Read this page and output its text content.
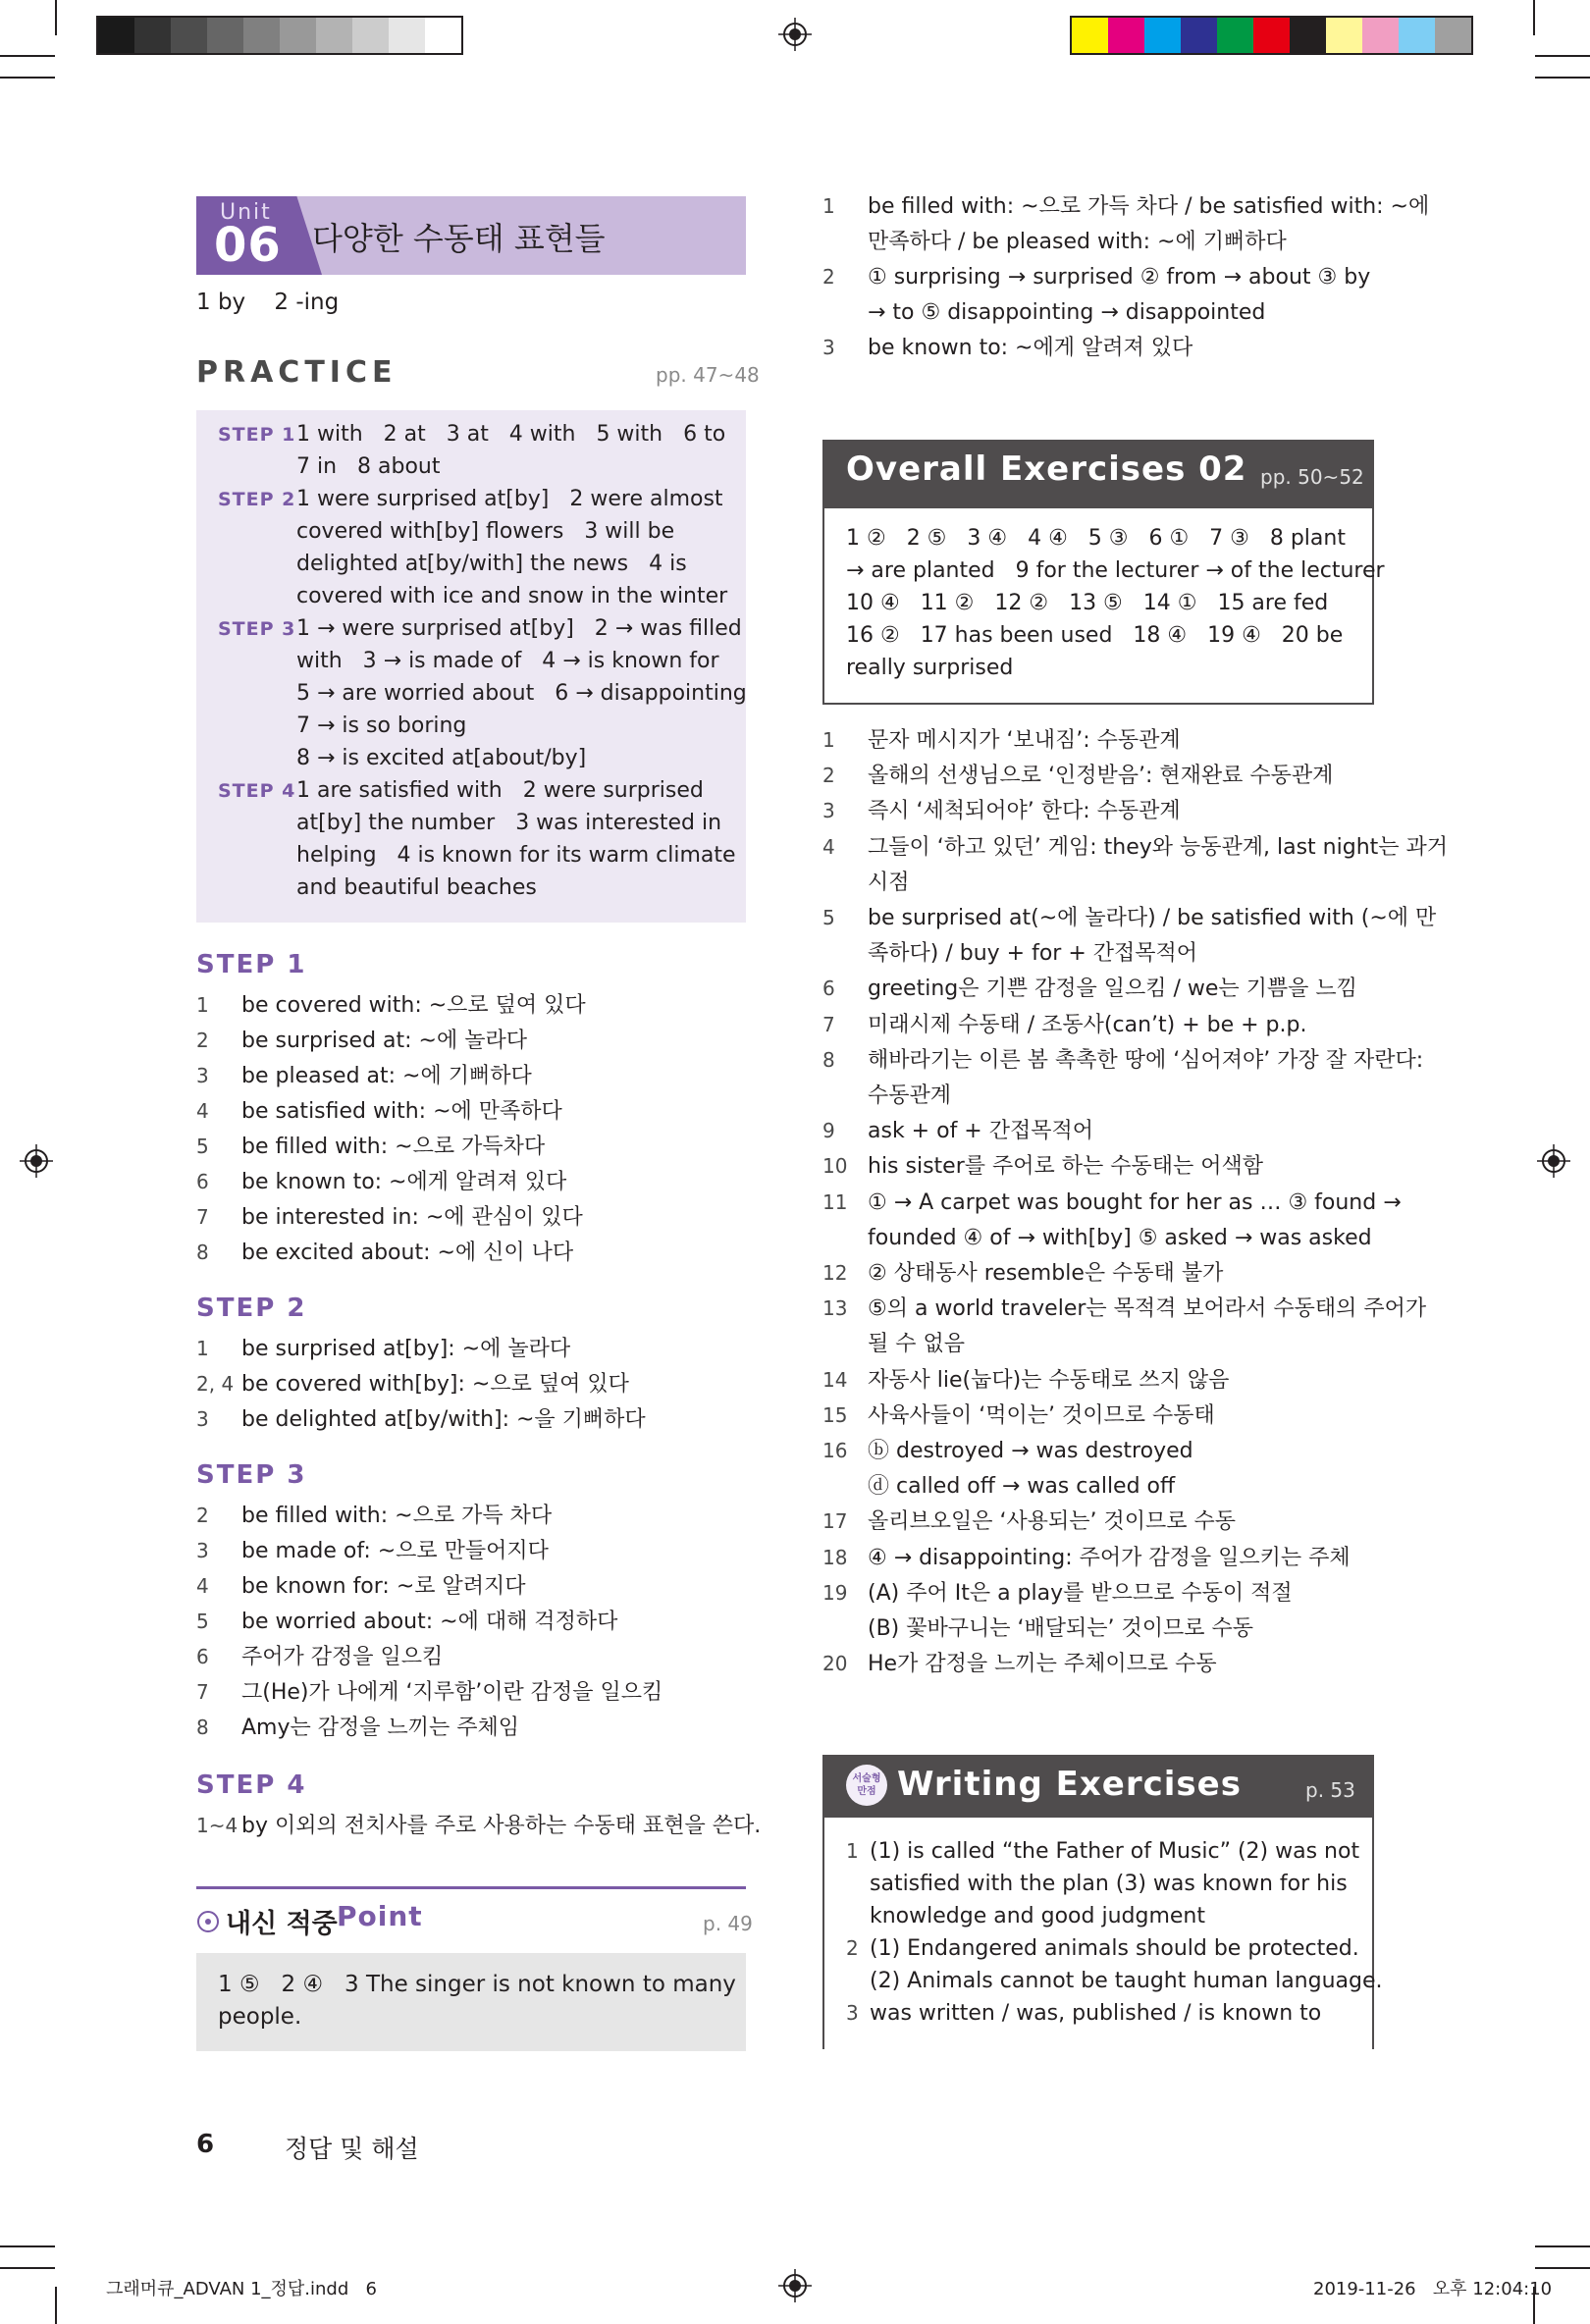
Unit
06 다양한 수동태 표현들
1 by    2 -ing
PRACTICE	pp. 47~48
STEP 1 1 with   2 at   3 at   4 with   5 with   6 to
7 in   8 about
STEP 2 1 were surprised at[by]   2 were almost
covered with[by] flowers   3 will be
delighted at[by/with] the news   4 is
covered with ice and snow in the winter
STEP 3 1 → were surprised at[by]   2 → was filled
with   3 → is made of   4 → is known for
5 → are worried about   6 → disappointing
7 → is so boring
8 → is excited at[about/by]
STEP 4 1 are satisfied with   2 were surprised
at[by] the number   3 was interested in
helping   4 is known for its warm climate
and beautiful beaches
STEP 1
1 be covered with: ~으로 덮여 있다
2 be surprised at: ~에 놀라다
3 be pleased at: ~에 기뻐하다
4 be satisfied with: ~에 만족하다
5 be filled with: ~으로 가득차다
6 be known to: ~에게 알려져 있다
7 be interested in: ~에 관심이 있다
8 be excited about: ~에 신이 나다
STEP 2
1 be surprised at[by]: ~에 놀라다
2, 4 be covered with[by]: ~으로 덮여 있다
3 be delighted at[by/with]: ~을 기뻐하다
STEP 3
2 be filled with: ~으로 가득 차다
3 be made of: ~으로 만들어지다
4 be known for: ~로 알려지다
5 be worried about: ~에 대해 걱정하다
6 주어가 감정을 일으킴
7 그(He)가 나에게 ‘지루함’이란 감정을 일으킴
8 Amy는 감정을 느끼는 주체임
STEP 4
1~4 by 이외의 전치사를 주로 사용하는 수동태 표현을 쓴다.
내신 적중 Point	p. 49
1 ⑤   2 ④   3 The singer is not known to many
people.
6	정답 및 해설
1 be filled with: ~으로 가득 차다 / be satisfied with: ~에
만족하다 / be pleased with: ~에 기뻐하다
2 ① surprising → surprised ② from → about ③ by
→ to ⑤ disappointing → disappointed
3 be known to: ~에게 알려져 있다
Overall Exercises 02 pp. 50~52
1 ②   2 ⑤   3 ④   4 ④   5 ③   6 ①   7 ③   8 plant
→ are planted   9 for the lecturer → of the lecturer
10 ④   11 ②   12 ②   13 ⑤   14 ①   15 are fed
16 ②   17 has been used   18 ④   19 ④   20 be
really surprised
1 문자 메시지가 ‘보내짐’: 수동관계
2 올해의 선생님으로 ‘인정받음’: 현재완료 수동관계
3 즉시 ‘세척되어야’ 한다: 수동관계
4 그들이 ‘하고 있던’ 게임: they와 능동관계, last night는 과거
시점
5 be surprised at(~에 놀라다) / be satisfied with (~에 만
족하다) / buy + for + 간접목적어
6 greeting은 기쁜 감정을 일으킴 / we는 기쁨을 느낌
7 미래시제 수동태 / 조동사(can’t) + be + p.p.
8 해바라기는 이른 봄 촉촉한 땅에 ‘심어져야’ 가장 잘 자란다:
수동관계
9 ask + of + 간접목적어
10 his sister를 주어로 하는 수동태는 어색함
11 ① → A carpet was bought for her as … ③ found →
founded ④ of → with[by] ⑤ asked → was asked
12 ② 상태동사 resemble은 수동태 불가
13 ⑤의 a world traveler는 목적격 보어라서 수동태의 주어가
될 수 없음
14 자동사 lie(눕다)는 수동태로 쓰지 않음
15 사육사들이 ‘먹이는’ 것이므로 수동태
16 ⓑ destroyed → was destroyed
ⓓ called off → was called off
17 올리브오일은 ‘사용되는’ 것이므로 수동
18 ④ → disappointing: 주어가 감정을 일으키는 주체
19 (A) 주어 It은 a play를 받으므로 수동이 적절
(B) 꽃바구니는 ‘배달되는’ 것이므로 수동
20 He가 감정을 느끼는 주체이므로 수동
서술형 만점 Writing Exercises	p. 53
1 (1) is called “the Father of Music” (2) was not
satisfied with the plan (3) was known for his
knowledge and good judgment
2 (1) Endangered animals should be protected.
(2) Animals cannot be taught human language.
3 was written / was, published / is known to
그래머큐_ADVAN 1_정답.indd   6	2019-11-26   오후 12:04:10
